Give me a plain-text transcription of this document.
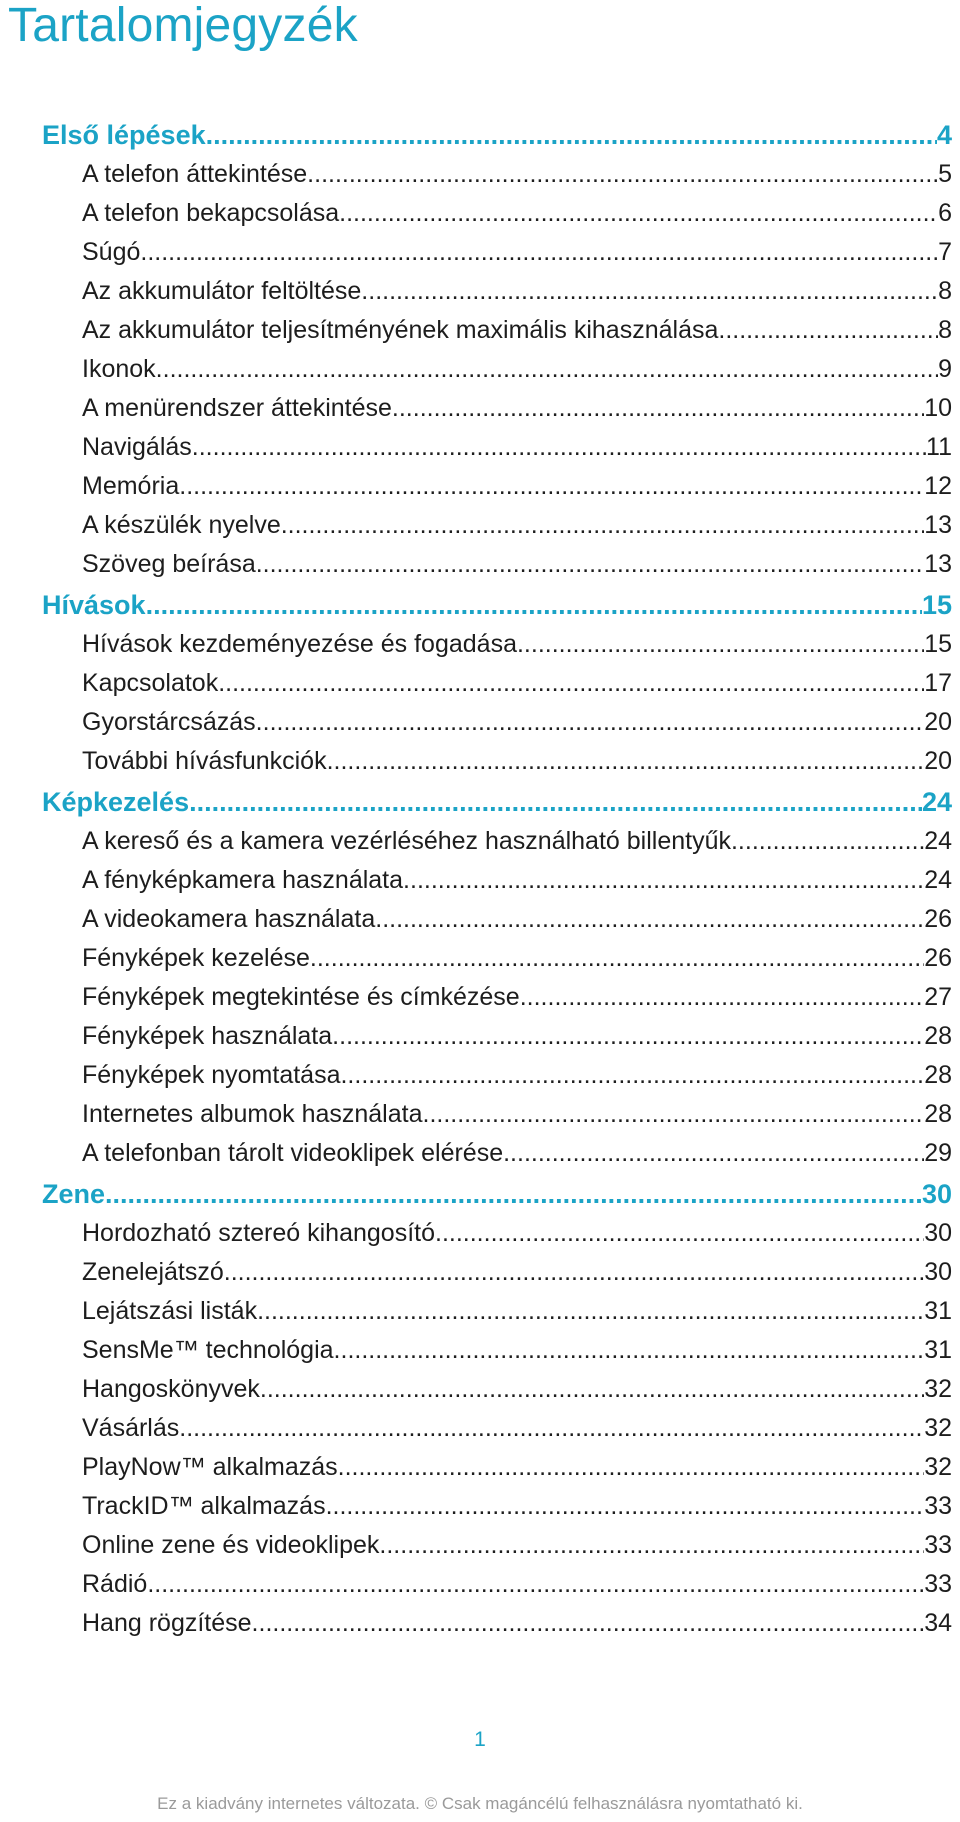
Tartalomjegyzék
Első lépések .....	4
A telefon áttekintése .....	5
A telefon bekapcsolása .....	6
Súgó .....	7
Az akkumulátor feltöltése .....	8
Az akkumulátor teljesítményének maximális kihasználása .....	8
Ikonok .....	9
A menürendszer áttekintése .....	10
Navigálás .....	11
Memória .....	12
A készülék nyelve .....	13
Szöveg beírása .....	13
Hívások .....	15
Hívások kezdeményezése és fogadása .....	15
Kapcsolatok .....	17
Gyorstárcsázás .....	20
További hívásfunkciók .....	20
Képkezelés .....	24
A kereső és a kamera vezérléséhez használható billentyűk .....	24
A fényképkamera használata .....	24
A videokamera használata .....	26
Fényképek kezelése .....	26
Fényképek megtekintése és címkézése .....	27
Fényképek használata .....	28
Fényképek nyomtatása .....	28
Internetes albumok használata .....	28
A telefonban tárolt videoklipek elérése .....	29
Zene .....	30
Hordozható sztereó kihangosító .....	30
Zenelejátszó .....	30
Lejátszási listák .....	31
SensMe™ technológia .....	31
Hangoskönyvek .....	32
Vásárlás .....	32
PlayNow™ alkalmazás .....	32
TrackID™ alkalmazás .....	33
Online zene és videoklipek .....	33
Rádió .....	33
Hang rögzítése .....	34
1
Ez a kiadvány internetes változata. © Csak magáncélú felhasználásra nyomtatható ki.
